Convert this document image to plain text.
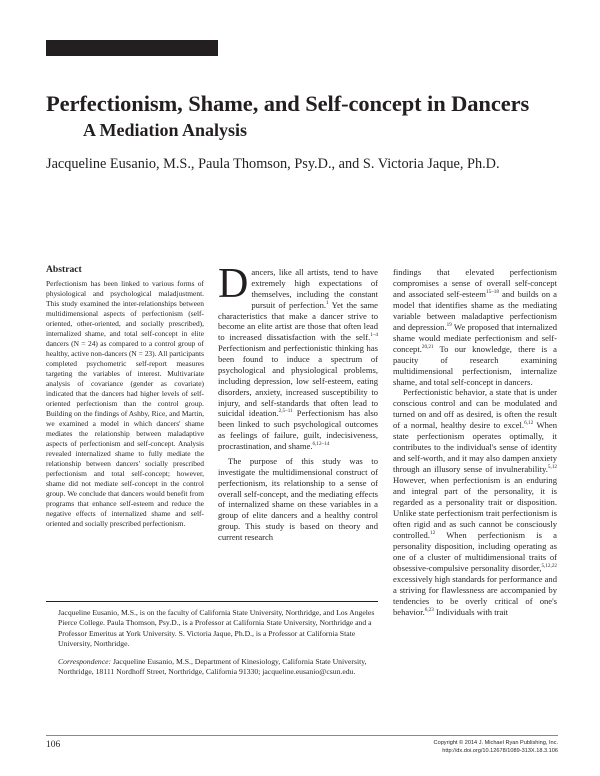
Perfectionism, Shame, and Self-concept in Dancers
A Mediation Analysis
Jacqueline Eusanio, M.S., Paula Thomson, Psy.D., and S. Victoria Jaque, Ph.D.
Abstract

Perfectionism has been linked to various forms of physiological and psychological maladjustment. This study examined the inter-relationships between multidimensional aspects of perfectionism (self-oriented, other-oriented, and socially prescribed), internalized shame, and total self-concept in elite dancers (N = 24) as compared to a control group of healthy, active non-dancers (N = 23). All participants completed psychometric self-report measures targeting the variables of interest. Multivariate analysis of covariance (gender as covariate) indicated that the dancers had higher levels of self-oriented perfectionism than the control group. Building on the findings of Ashby, Rice, and Martin, we examined a model in which dancers' shame mediates the relationship between maladaptive aspects of perfectionism and self-concept. Analysis revealed internalized shame to fully mediate the relationship between dancers' socially prescribed perfectionism and total self-concept; however, shame did not mediate self-concept in the control group. We conclude that dancers would benefit from programs that enhance self-esteem and reduce the negative effects of internalized shame and self-oriented and socially prescribed perfectionism.

Dancers, like all artists, tend to have extremely high expectations of themselves, including the constant pursuit of perfection.$^1$ Yet the same characteristics that make a dancer strive to become an elite artist are those that often lead to increased dissatisfaction with the self.$^{1-4}$ Perfectionism and perfectionistic thinking has been found to induce a spectrum of psychological and physiological problems, including depression, low self-esteem, eating disorders, anxiety, increased susceptibility to injury, and self-standards that often lead to suicidal ideation.$^{2,5-11}$ Perfectionism has also been linked to such psychological outcomes as feelings of failure, guilt, indecisiveness, procrastination, and shame.$^{6,12-14}$

The purpose of this study was to investigate the multidimensional construct of perfectionism, its relationship to a sense of overall self-concept, and the mediating effects of internalized shame on these variables in a group of elite dancers and a healthy control group. This study is based on theory and current research

findings that elevated perfectionism compromises a sense of overall self-concept and associated self-esteem$^{15-18}$ and builds on a model that identifies shame as the mediating variable between maladaptive perfectionism and depression.$^{19}$ We proposed that internalized shame would mediate perfectionism and self-concept.$^{20,21}$ To our knowledge, there is a paucity of research examining multidimensional perfectionism, internalize shame, and total self-concept in dancers.

Perfectionistic behavior, a state that is under conscious control and can be modulated and turned on and off as desired, is often the result of a normal, healthy desire to excel.$^{6,12}$ When state perfectionism operates optimally, it contributes to the individual's sense of identity and self-worth, and it may also dampen anxiety through an illusory sense of invulnerability.$^{5,12}$ However, when perfectionism is an enduring and integral part of the personality, it is regarded as a personality trait or disposition. Unlike state perfectionism trait perfectionism is often rigid and as such cannot be consciously controlled.$^{12}$ When perfectionism is a personality disposition, including operating as one of a cluster of multidimensional traits of obsessive-compulsive personality disorder,$^{5,12,22}$ excessively high standards for performance and a striving for flawlessness are accompanied by tendencies to be overly critical of one's behavior.$^{6,23}$ Individuals with trait

Jacqueline Eusanio, M.S., is on the faculty of California State University, Northridge, and Los Angeles Pierce College. Paula Thomson, Psy.D., is a Professor at California State University, Northridge and a Professor Emeritus at York University. S. Victoria Jaque, Ph.D., is a Professor at California State University, Northridge.

Correspondence: Jacqueline Eusanio, M.S., Department of Kinesiology, California State University, Northridge, 18111 Nordhoff Street, Northridge, California 91330; jacqueline.eusanio@csun.edu.

106	Copyright © 2014 J. Michael Ryan Publishing, Inc.
http://dx.doi.org/10.12678/1089-313X.18.3.106
